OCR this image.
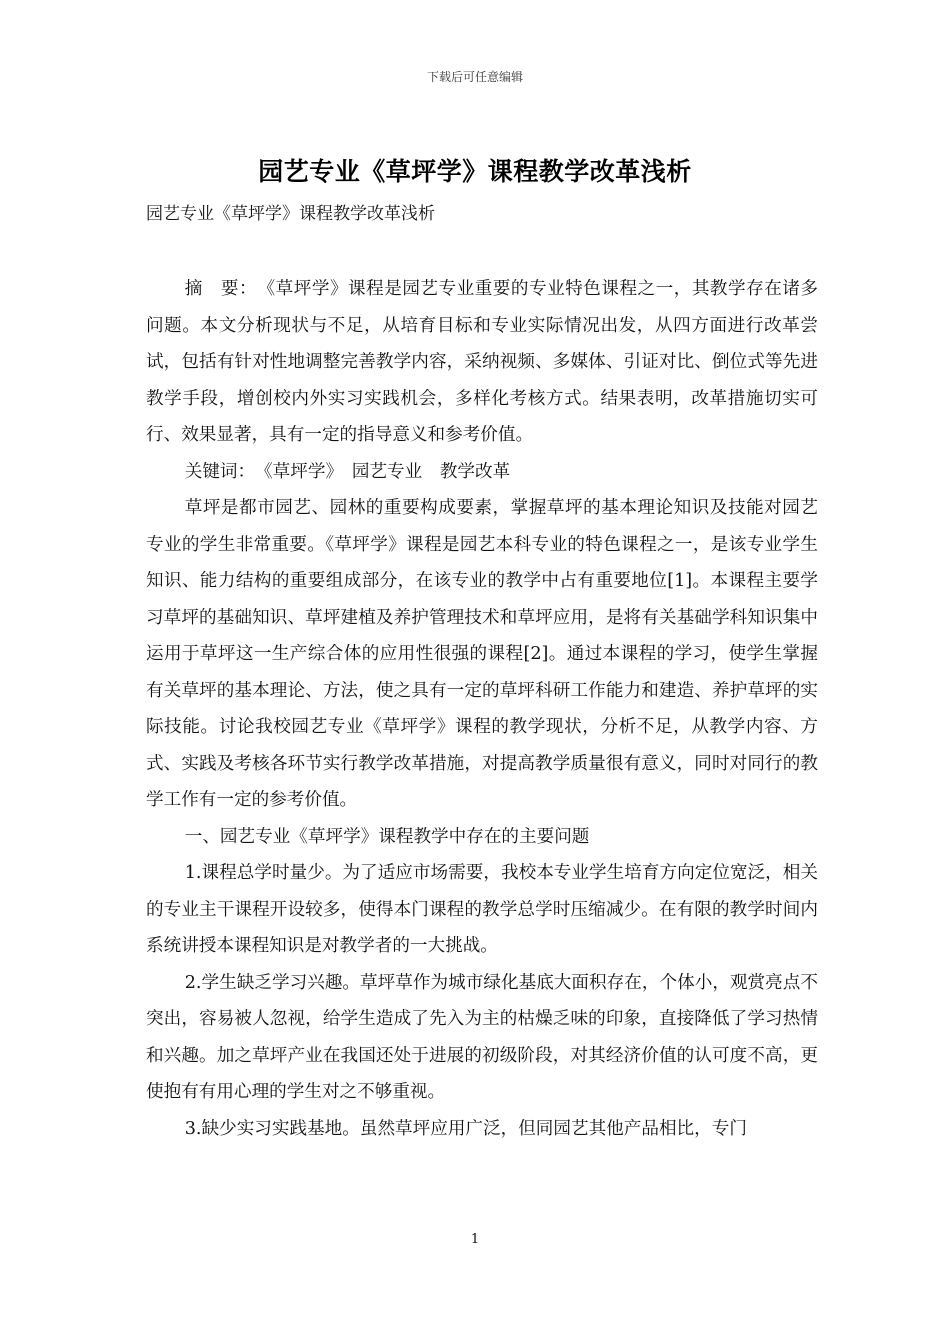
下载后可任意编辑
园艺专业《草坪学》课程教学改革浅析
园艺专业《草坪学》课程教学改革浅析

摘　要：　《草坪学》课程是园艺专业重要的专业特色课程之一，其教学存在诸多问题。本文分析现状与不足，从培育目标和专业实际情况出发，从四方面进行改革尝试，包括有针对性地调整完善教学内容，采纳视频、多媒体、引证对比、倒位式等先进教学手段，增创校内外实习实践机会，多样化考核方式。结果表明，改革措施切实可行、效果显著，具有一定的指导意义和参考价值。

关键词：　《草坪学》　园艺专业　教学改革

草坪是都市园艺、园林的重要构成要素，掌握草坪的基本理论知识及技能对园艺专业的学生非常重要。《草坪学》课程是园艺本科专业的特色课程之一，是该专业学生知识、能力结构的重要组成部分，在该专业的教学中占有重要地位[1]。本课程主要学习草坪的基础知识、草坪建植及养护管理技术和草坪应用，是将有关基础学科知识集中运用于草坪这一生产综合体的应用性很强的课程[2]。通过本课程的学习，使学生掌握有关草坪的基本理论、方法，使之具有一定的草坪科研工作能力和建造、养护草坪的实际技能。讨论我校园艺专业《草坪学》课程的教学现状，分析不足，从教学内容、方式、实践及考核各环节实行教学改革措施，对提高教学质量很有意义，同时对同行的教学工作有一定的参考价值。

一、园艺专业《草坪学》课程教学中存在的主要问题

1.课程总学时量少。为了适应市场需要，我校本专业学生培育方向定位宽泛，相关的专业主干课程开设较多，使得本门课程的教学总学时压缩减少。在有限的教学时间内系统讲授本课程知识是对教学者的一大挑战。

2.学生缺乏学习兴趣。草坪草作为城市绿化基底大面积存在，个体小，观赏亮点不突出，容易被人忽视，给学生造成了先入为主的枯燥乏味的印象，直接降低了学习热情和兴趣。加之草坪产业在我国还处于进展的初级阶段，对其经济价值的认可度不高，更使抱有有用心理的学生对之不够重视。

3.缺少实习实践基地。虽然草坪应用广泛，但同园艺其他产品相比，专门

1
